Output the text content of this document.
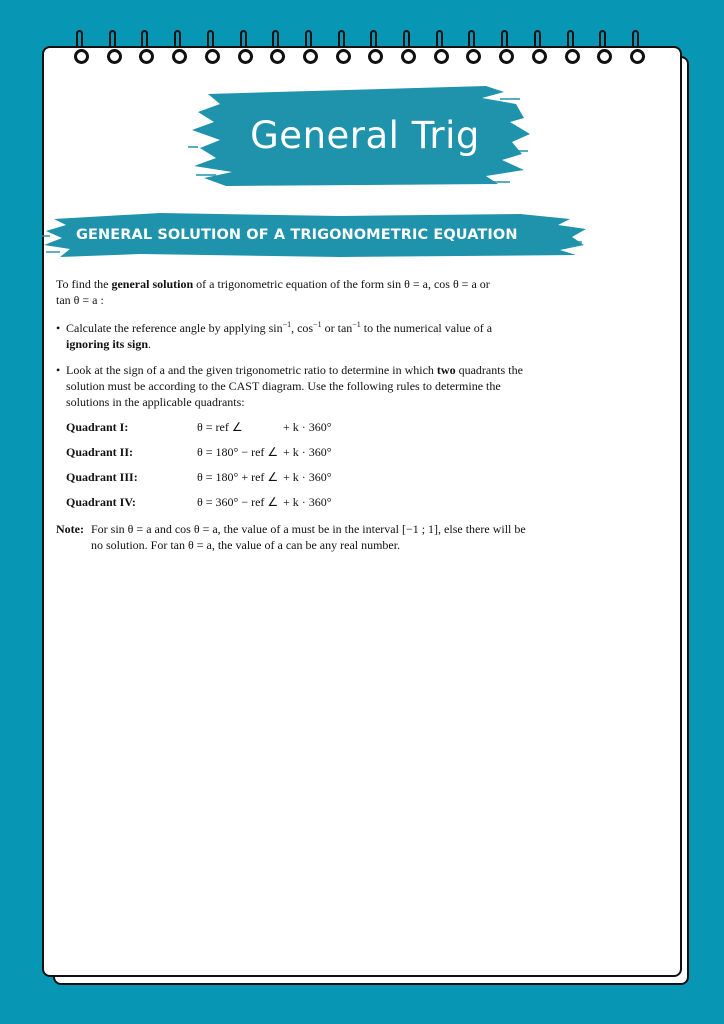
General Trig
GENERAL SOLUTION OF A TRIGONOMETRIC EQUATION

To find the general solution of a trigonometric equation of the form sin θ = a, cos θ = a or
tan θ = a :

• Calculate the reference angle by applying $\sin^{-1}$, $\cos^{-1}$ or $\tan^{-1}$ to the numerical value of a
ignoring its sign.
• Look at the sign of a and the given trigonometric ratio to determine in which two quadrants the solution must be according to the CAST diagram. Use the following rules to determine the solutions in the applicable quadrants:
Quadrant I:	θ = ref ∠	+ k · 360°
Quadrant II:	θ = 180° − ref ∠ + k · 360°
Quadrant III:	θ = 180° + ref ∠ + k · 360°
Quadrant IV:	θ = 360° − ref ∠ + k · 360°
Note: For sin θ = a and cos θ = a, the value of a must be in the interval [−1 ; 1], else there will be no solution. For tan θ = a, the value of a can be any real number.
